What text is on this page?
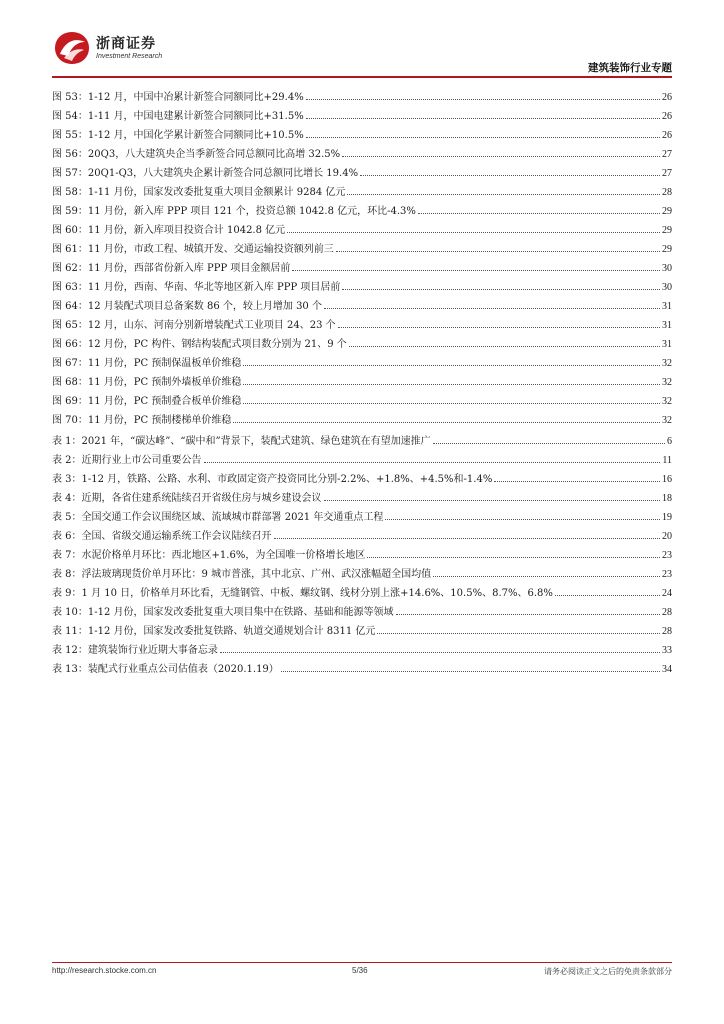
浙商证券
Investment Research
建筑装饰行业专题
图 53：1-12 月，中国中冶累计新签合同额同比+29.4%	26
图 54：1-11 月，中国电建累计新签合同额同比+31.5%	26
图 55：1-12 月，中国化学累计新签合同额同比+10.5%	26
图 56：20Q3，八大建筑央企当季新签合同总额同比高增 32.5%	27
图 57：20Q1-Q3，八大建筑央企累计新签合同总额同比增长 19.4%	27
图 58：1-11 月份，国家发改委批复重大项目金额累计 9284 亿元	28
图 59：11 月份，新入库 PPP 项目 121 个，投资总额 1042.8 亿元，环比-4.3%	29
图 60：11 月份，新入库项目投资合计 1042.8 亿元	29
图 61：11 月份，市政工程、城镇开发、交通运输投资额列前三	29
图 62：11 月份，西部省份新入库 PPP 项目金额居前	30
图 63：11 月份，西南、华南、华北等地区新入库 PPP 项目居前	30
图 64：12 月装配式项目总备案数 86 个，较上月增加 30 个	31
图 65：12 月，山东、河南分别新增装配式工业项目 24、23 个	31
图 66：12 月份，PC 构件、钢结构装配式项目数分别为 21、9 个	31
图 67：11 月份，PC 预制保温板单价维稳	32
图 68：11 月份，PC 预制外墙板单价维稳	32
图 69：11 月份，PC 预制叠合板单价维稳	32
图 70：11 月份，PC 预制楼梯单价维稳	32
表 1：2021 年，“碳达峰”、“碳中和”背景下，装配式建筑、绿色建筑在有望加速推广	6
表 2：近期行业上市公司重要公告	11
表 3：1-12 月，铁路、公路、水利、市政固定资产投资同比分别-2.2%、+1.8%、+4.5%和-1.4%	16
表 4：近期，各省住建系统陆续召开省级住房与城乡建设会议	18
表 5：全国交通工作会议围绕区域、流域城市群部署 2021 年交通重点工程	19
表 6：全国、省级交通运输系统工作会议陆续召开	20
表 7：水泥价格单月环比：西北地区+1.6%，为全国唯一价格增长地区	23
表 8：浮法玻璃现货价单月环比：9 城市普涨，其中北京、广州、武汉涨幅超全国均值	23
表 9：1 月 10 日，价格单月环比看，无缝钢管、中板、螺纹钢、线材分别上涨+14.6%、10.5%、8.7%、6.8%	24
表 10：1-12 月份，国家发改委批复重大项目集中在铁路、基础和能源等领域	28
表 11：1-12 月份，国家发改委批复铁路、轨道交通规划合计 8311 亿元	28
表 12：建筑装饰行业近期大事备忘录	33
表 13：装配式行业重点公司估值表（2020.1.19）	34
http://research.stocke.com.cn	5/36	请务必阅读正文之后的免责条款部分
